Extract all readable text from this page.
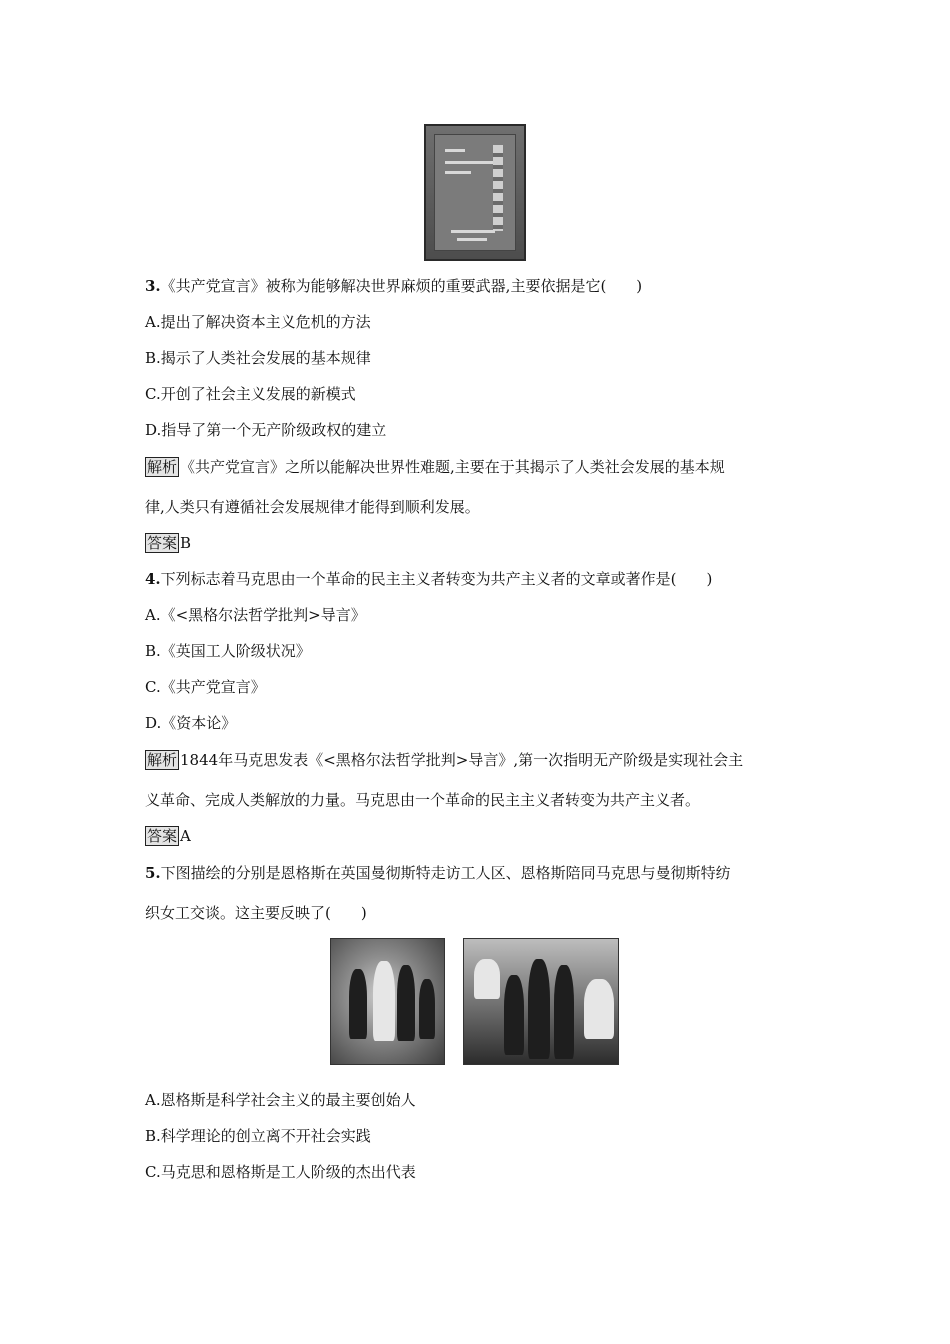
3.《共产党宣言》被称为能够解决世界麻烦的重要武器,主要依据是它(　　)
A.提出了解决资本主义危机的方法
B.揭示了人类社会发展的基本规律
C.开创了社会主义发展的新模式
D.指导了第一个无产阶级政权的建立
解析 《共产党宣言》之所以能解决世界性难题,主要在于其揭示了人类社会发展的基本规
律,人类只有遵循社会发展规律才能得到顺利发展。
答案 B
4.下列标志着马克思由一个革命的民主主义者转变为共产主义者的文章或著作是(　　)
A.《<黑格尔法哲学批判>导言》
B.《英国工人阶级状况》
C.《共产党宣言》
D.《资本论》
解析 1844年马克思发表《<黑格尔法哲学批判>导言》,第一次指明无产阶级是实现社会主
义革命、完成人类解放的力量。马克思由一个革命的民主主义者转变为共产主义者。
答案 A
5.下图描绘的分别是恩格斯在英国曼彻斯特走访工人区、恩格斯陪同马克思与曼彻斯特纺
织女工交谈。这主要反映了(　　)
A.恩格斯是科学社会主义的最主要创始人
B.科学理论的创立离不开社会实践
C.马克思和恩格斯是工人阶级的杰出代表
